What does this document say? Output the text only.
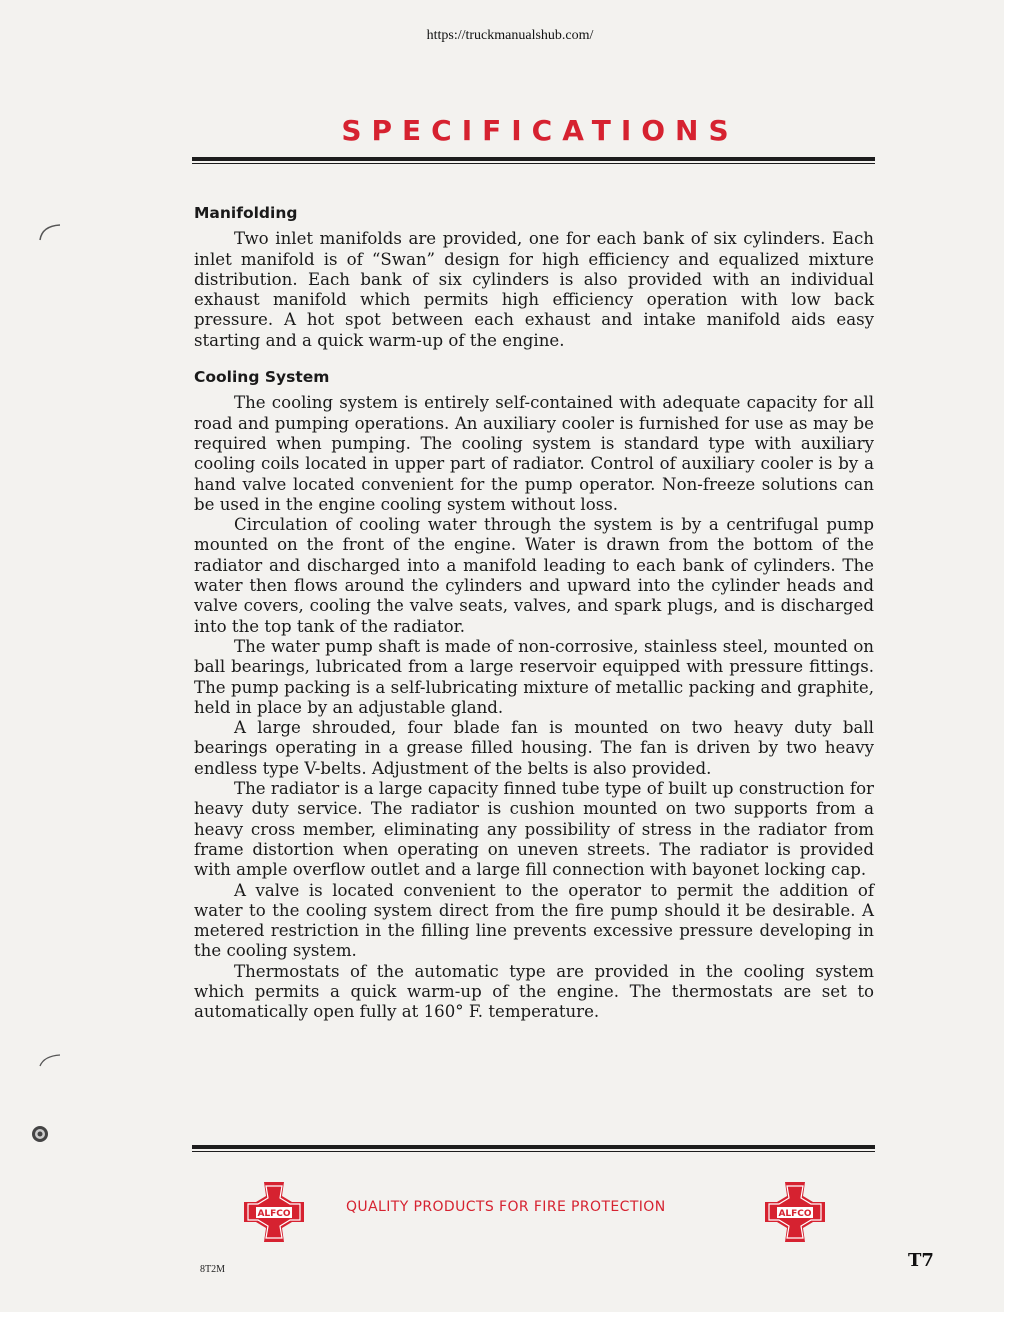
https://truckmanualshub.com/
SPECIFICATIONS
Manifolding

Two inlet manifolds are provided, one for each bank of six cylinders. Each inlet manifold is of “Swan” design for high efficiency and equalized mixture distribution. Each bank of six cylinders is also provided with an individual exhaust manifold which permits high efficiency operation with low back pressure. A hot spot between each exhaust and intake manifold aids easy starting and a quick warm-up of the engine.

Cooling System

The cooling system is entirely self-contained with adequate capacity for all road and pumping operations. An auxiliary cooler is furnished for use as may be required when pumping. The cooling system is standard type with auxiliary cooling coils located in upper part of radiator. Control of auxiliary cooler is by a hand valve located convenient for the pump operator. Non-freeze solutions can be used in the engine cooling system without loss.

Circulation of cooling water through the system is by a centrifugal pump mounted on the front of the engine. Water is drawn from the bottom of the radiator and discharged into a manifold leading to each bank of cylinders. The water then flows around the cylinders and upward into the cylinder heads and valve covers, cooling the valve seats, valves, and spark plugs, and is discharged into the top tank of the radiator.

The water pump shaft is made of non-corrosive, stainless steel, mounted on ball bearings, lubricated from a large reservoir equipped with pressure fittings. The pump packing is a self-lubricating mixture of metallic packing and graphite, held in place by an adjustable gland.

A large shrouded, four blade fan is mounted on two heavy duty ball bearings operating in a grease filled housing. The fan is driven by two heavy endless type V-belts. Adjustment of the belts is also provided.

The radiator is a large capacity finned tube type of built up construction for heavy duty service. The radiator is cushion mounted on two supports from a heavy cross member, eliminating any possibility of stress in the radiator from frame distortion when operating on uneven streets. The radiator is provided with ample overflow outlet and a large fill connection with bayonet locking cap.

A valve is located convenient to the operator to permit the addition of water to the cooling system direct from the fire pump should it be desirable. A metered restriction in the filling line prevents excessive pressure developing in the cooling system.

Thermostats of the automatic type are provided in the cooling system which permits a quick warm-up of the engine. The thermostats are set to automatically open fully at 160° F. temperature.

ALFCO	QUALITY PRODUCTS FOR FIRE PROTECTION	ALFCO
8T2M	T7
